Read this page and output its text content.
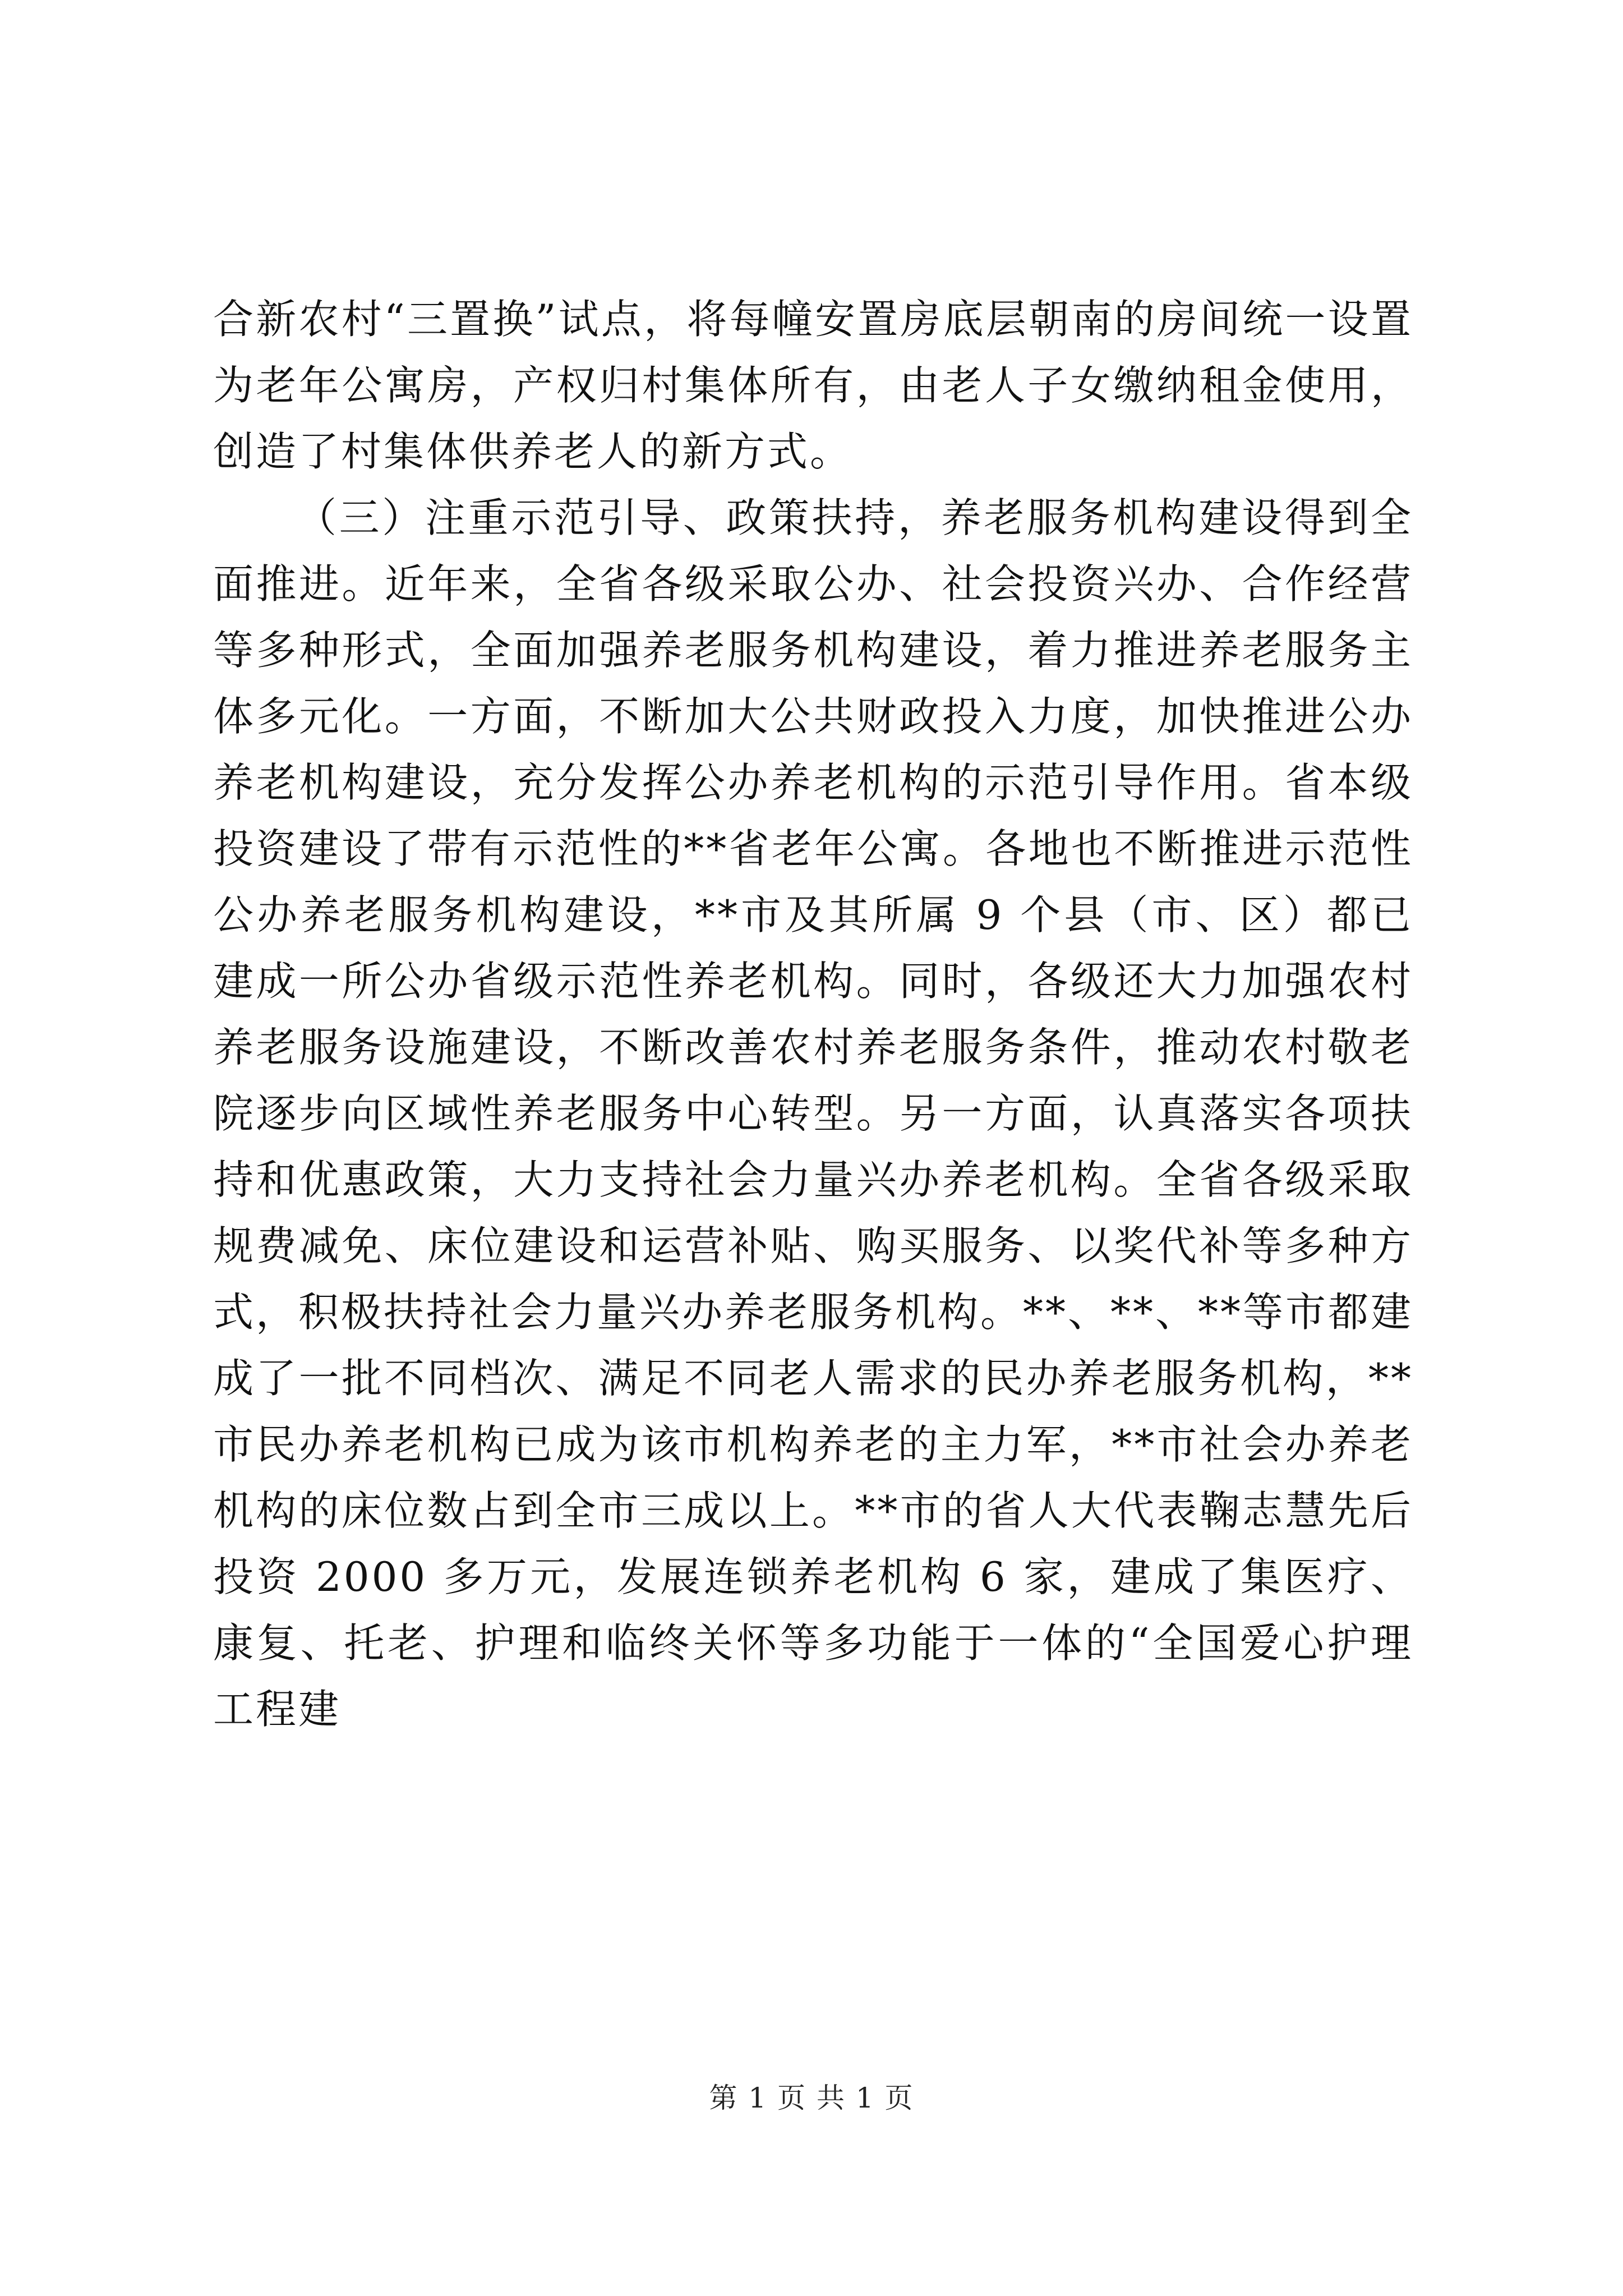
合新农村“三置换”试点，将每幢安置房底层朝南的房间统一设置为老年公寓房，产权归村集体所有，由老人子女缴纳租金使用，创造了村集体供养老人的新方式。

（三）注重示范引导、政策扶持，养老服务机构建设得到全面推进。近年来，全省各级采取公办、社会投资兴办、合作经营等多种形式，全面加强养老服务机构建设，着力推进养老服务主体多元化。一方面，不断加大公共财政投入力度，加快推进公办养老机构建设，充分发挥公办养老机构的示范引导作用。省本级投资建设了带有示范性的**省老年公寓。各地也不断推进示范性公办养老服务机构建设，**市及其所属 9 个县（市、区）都已建成一所公办省级示范性养老机构。同时，各级还大力加强农村养老服务设施建设，不断改善农村养老服务条件，推动农村敬老院逐步向区域性养老服务中心转型。另一方面，认真落实各项扶持和优惠政策，大力支持社会力量兴办养老机构。全省各级采取规费减免、床位建设和运营补贴、购买服务、以奖代补等多种方式，积极扶持社会力量兴办养老服务机构。**、**、**等市都建成了一批不同档次、满足不同老人需求的民办养老服务机构，**市民办养老机构已成为该市机构养老的主力军，**市社会办养老机构的床位数占到全市三成以上。**市的省人大代表鞠志慧先后投资 2000 多万元，发展连锁养老机构 6 家，建成了集医疗、康复、托老、护理和临终关怀等多功能于一体的“全国爱心护理工程建

第 1 页 共 1 页
